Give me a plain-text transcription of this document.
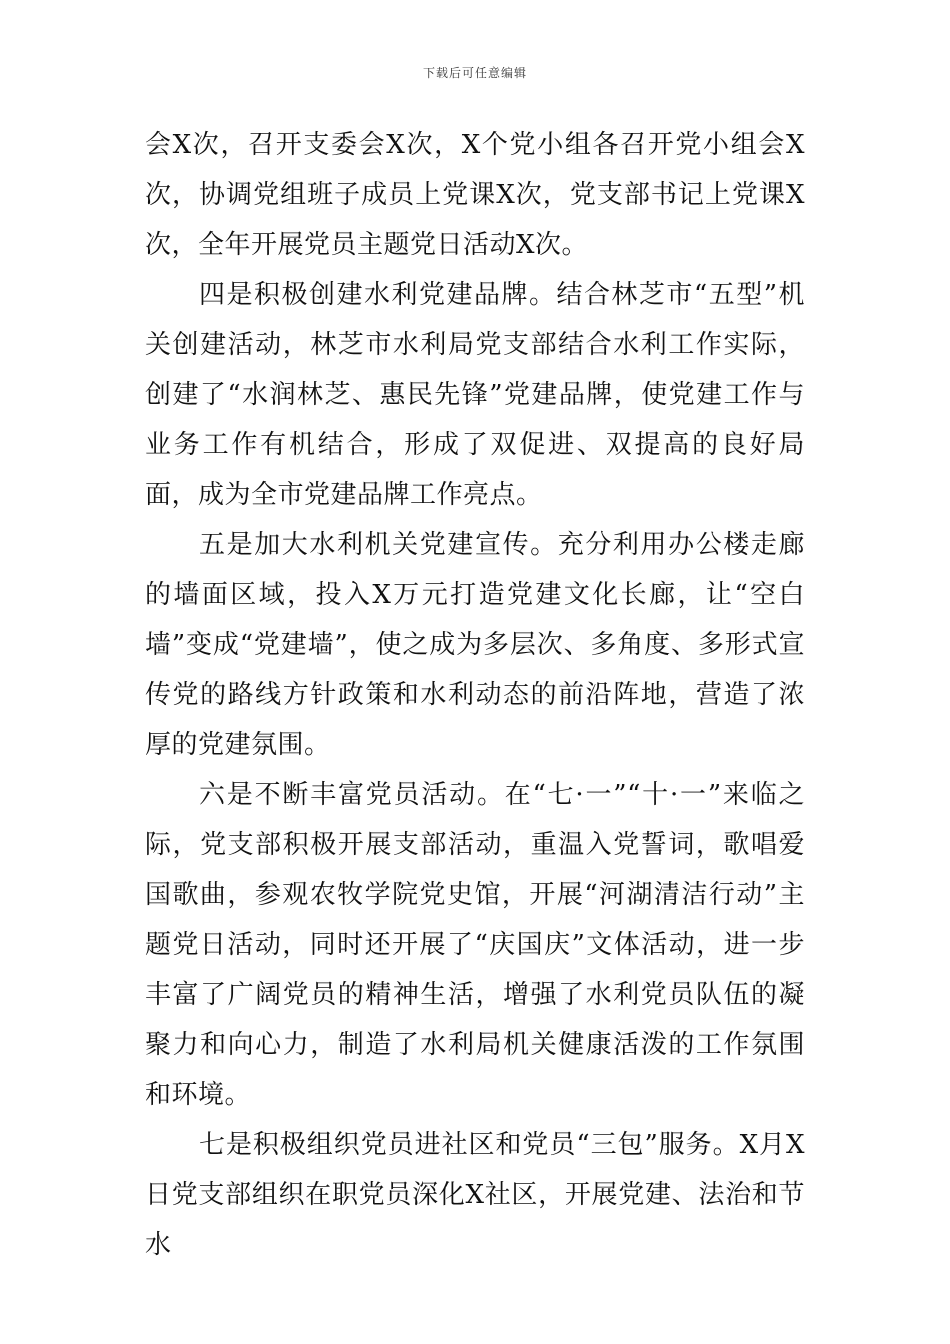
下载后可任意编辑

会X次，召开支委会X次，X个党小组各召开党小组会X次，协调党组班子成员上党课X次，党支部书记上党课X次，全年开展党员主题党日活动X次。

四是积极创建水利党建品牌。结合林芝市“五型”机关创建活动，林芝市水利局党支部结合水利工作实际，创建了“水润林芝、惠民先锋”党建品牌，使党建工作与业务工作有机结合，形成了双促进、双提高的良好局面，成为全市党建品牌工作亮点。

五是加大水利机关党建宣传。充分利用办公楼走廊的墙面区域，投入X万元打造党建文化长廊，让“空白墙”变成“党建墙”，使之成为多层次、多角度、多形式宣传党的路线方针政策和水利动态的前沿阵地，营造了浓厚的党建氛围。

六是不断丰富党员活动。在“七·一”“十·一”来临之际，党支部积极开展支部活动，重温入党誓词，歌唱爱国歌曲，参观农牧学院党史馆，开展“河湖清洁行动”主题党日活动，同时还开展了“庆国庆”文体活动，进一步丰富了广阔党员的精神生活，增强了水利党员队伍的凝聚力和向心力，制造了水利局机关健康活泼的工作氛围和环境。

七是积极组织党员进社区和党员“三包”服务。X月X日党支部组织在职党员深化X社区，开展党建、法治和节水
